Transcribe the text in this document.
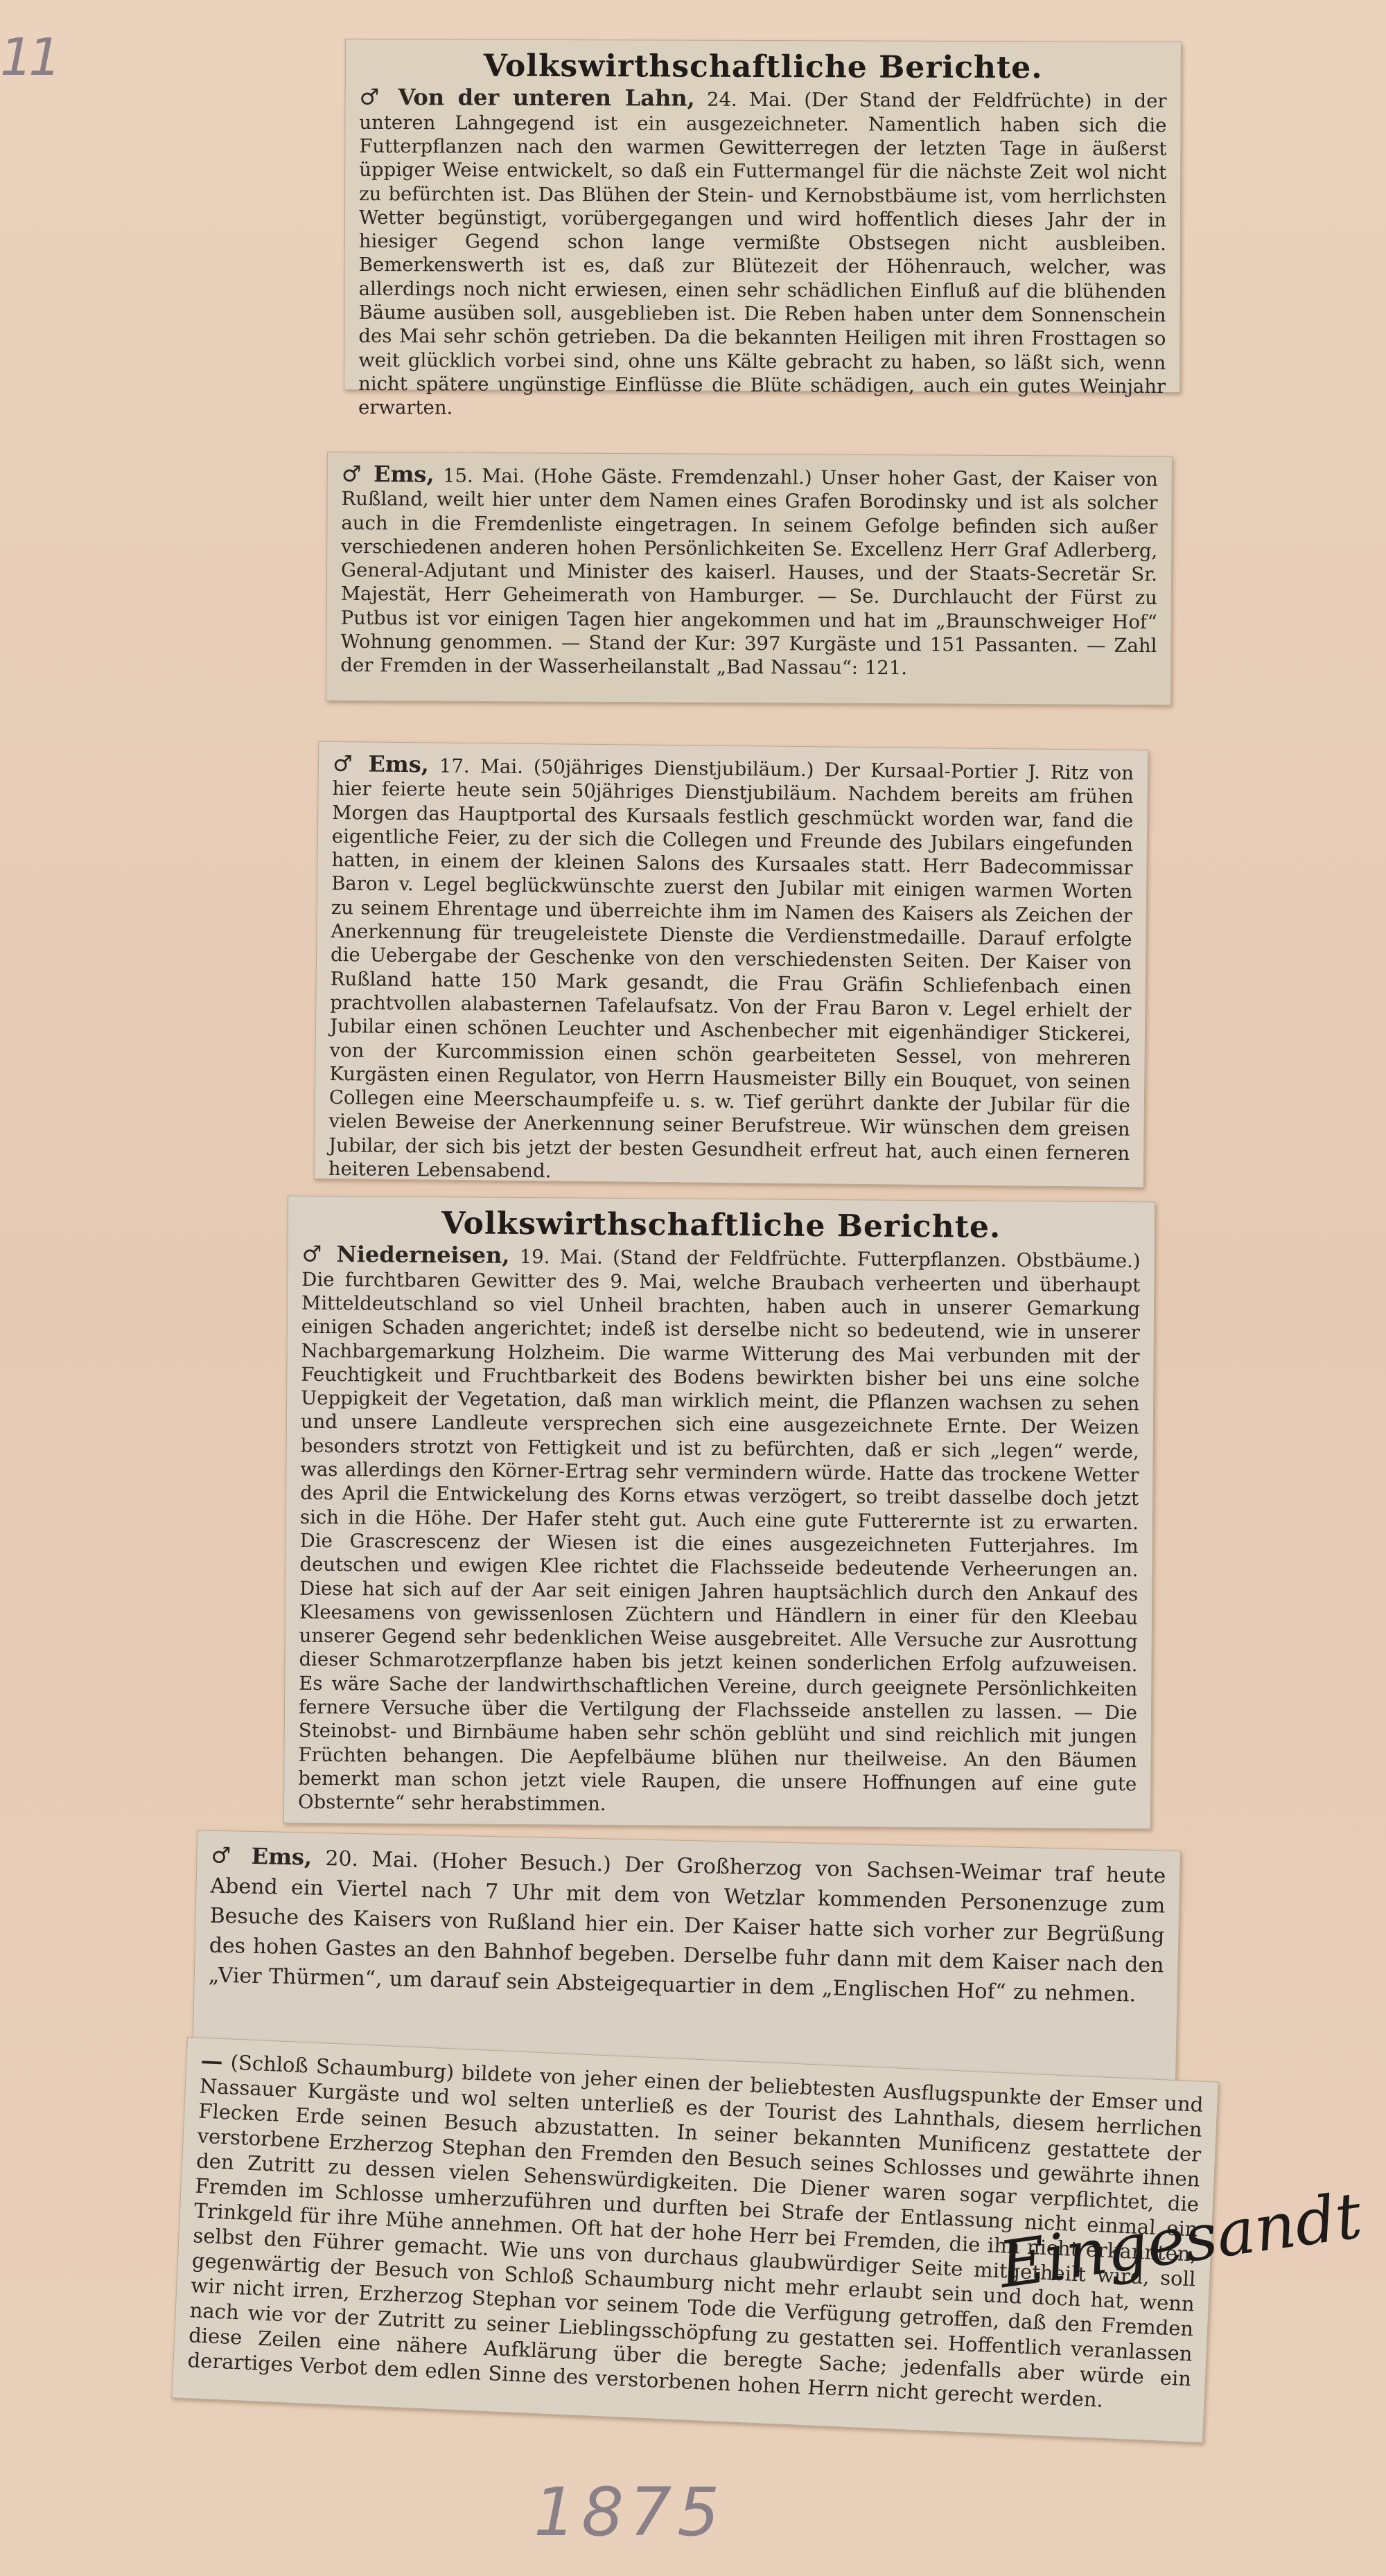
11	Volkswirthschaftliche Berichte.

♂ Von der unteren Lahn, 24. Mai. (Der Stand der Feldfrüchte) in der unteren Lahngegend ist ein ausgezeichneter. Namentlich haben sich die Futterpflanzen nach den warmen Gewitterregen der letzten Tage in äußerst üppiger Weise entwickelt, so daß ein Futtermangel für die nächste Zeit wol nicht zu befürchten ist. Das Blühen der Stein- und Kernobstbäume ist, vom herrlichsten Wetter begünstigt, vorübergegangen und wird hoffentlich dieses Jahr der in hiesiger Gegend schon lange vermißte Obstsegen nicht ausbleiben. Bemerkenswerth ist es, daß zur Blütezeit der Höhenrauch, welcher, was allerdings noch nicht erwiesen, einen sehr schädlichen Einfluß auf die blühenden Bäume ausüben soll, ausgeblieben ist. Die Reben haben unter dem Sonnenschein des Mai sehr schön getrieben. Da die bekannten Heiligen mit ihren Frosttagen so weit glücklich vorbei sind, ohne uns Kälte gebracht zu haben, so läßt sich, wenn nicht spätere ungünstige Einflüsse die Blüte schädigen, auch ein gutes Weinjahr erwarten.

♂ Ems, 15. Mai. (Hohe Gäste. Fremdenzahl.) Unser hoher Gast, der Kaiser von Rußland, weilt hier unter dem Namen eines Grafen Borodinsky und ist als solcher auch in die Fremdenliste eingetragen. In seinem Gefolge befinden sich außer verschiedenen anderen hohen Persönlichkeiten Se. Excellenz Herr Graf Adlerberg, General-Adjutant und Minister des kaiserl. Hauses, und der Staats-Secretär Sr. Majestät, Herr Geheimerath von Hamburger. — Se. Durchlaucht der Fürst zu Putbus ist vor einigen Tagen hier angekommen und hat im „Braunschweiger Hof“ Wohnung genommen. — Stand der Kur: 397 Kurgäste und 151 Passanten. — Zahl der Fremden in der Wasserheilanstalt „Bad Nassau“: 121.

♂ Ems, 17. Mai. (50jähriges Dienstjubiläum.) Der Kursaal-Portier J. Ritz von hier feierte heute sein 50jähriges Dienstjubiläum. Nachdem bereits am frühen Morgen das Hauptportal des Kursaals festlich geschmückt worden war, fand die eigentliche Feier, zu der sich die Collegen und Freunde des Jubilars eingefunden hatten, in einem der kleinen Salons des Kursaales statt. Herr Badecommissar Baron v. Legel beglückwünschte zuerst den Jubilar mit einigen warmen Worten zu seinem Ehrentage und überreichte ihm im Namen des Kaisers als Zeichen der Anerkennung für treugeleistete Dienste die Verdienstmedaille. Darauf erfolgte die Uebergabe der Geschenke von den verschiedensten Seiten. Der Kaiser von Rußland hatte 150 Mark gesandt, die Frau Gräfin Schliefenbach einen prachtvollen alabasternen Tafelaufsatz. Von der Frau Baron v. Legel erhielt der Jubilar einen schönen Leuchter und Aschenbecher mit eigenhändiger Stickerei, von der Kurcommission einen schön gearbeiteten Sessel, von mehreren Kurgästen einen Regulator, von Herrn Hausmeister Billy ein Bouquet, von seinen Collegen eine Meerschaumpfeife u. s. w. Tief gerührt dankte der Jubilar für die vielen Beweise der Anerkennung seiner Berufstreue. Wir wünschen dem greisen Jubilar, der sich bis jetzt der besten Gesundheit erfreut hat, auch einen ferneren heiteren Lebensabend.

Volkswirthschaftliche Berichte.

♂ Niederneisen, 19. Mai. (Stand der Feldfrüchte. Futterpflanzen. Obstbäume.) Die furchtbaren Gewitter des 9. Mai, welche Braubach verheerten und überhaupt Mitteldeutschland so viel Unheil brachten, haben auch in unserer Gemarkung einigen Schaden angerichtet; indeß ist derselbe nicht so bedeutend, wie in unserer Nachbargemarkung Holzheim. Die warme Witterung des Mai verbunden mit der Feuchtigkeit und Fruchtbarkeit des Bodens bewirkten bisher bei uns eine solche Ueppigkeit der Vegetation, daß man wirklich meint, die Pflanzen wachsen zu sehen und unsere Landleute versprechen sich eine ausgezeichnete Ernte. Der Weizen besonders strotzt von Fettigkeit und ist zu befürchten, daß er sich „legen“ werde, was allerdings den Körner-Ertrag sehr vermindern würde. Hatte das trockene Wetter des April die Entwickelung des Korns etwas verzögert, so treibt dasselbe doch jetzt sich in die Höhe. Der Hafer steht gut. Auch eine gute Futterernte ist zu erwarten. Die Grascrescenz der Wiesen ist die eines ausgezeichneten Futterjahres. Im deutschen und ewigen Klee richtet die Flachsseide bedeutende Verheerungen an. Diese hat sich auf der Aar seit einigen Jahren hauptsächlich durch den Ankauf des Kleesamens von gewissenlosen Züchtern und Händlern in einer für den Kleebau unserer Gegend sehr bedenklichen Weise ausgebreitet. Alle Versuche zur Ausrottung dieser Schmarotzerpflanze haben bis jetzt keinen sonderlichen Erfolg aufzuweisen. Es wäre Sache der landwirthschaftlichen Vereine, durch geeignete Persönlichkeiten fernere Versuche über die Vertilgung der Flachsseide anstellen zu lassen. — Die Steinobst- und Birnbäume haben sehr schön geblüht und sind reichlich mit jungen Früchten behangen. Die Aepfelbäume blühen nur theilweise. An den Bäumen bemerkt man schon jetzt viele Raupen, die unsere Hoffnungen auf eine gute Obsternte“ sehr herabstimmen.

♂ Ems, 20. Mai. (Hoher Besuch.) Der Großherzog von Sachsen-Weimar traf heute Abend ein Viertel nach 7 Uhr mit dem von Wetzlar kommenden Personenzuge zum Besuche des Kaisers von Rußland hier ein. Der Kaiser hatte sich vorher zur Begrüßung des hohen Gastes an den Bahnhof begeben. Derselbe fuhr dann mit dem Kaiser nach den „Vier Thürmen“, um darauf sein Absteigequartier in dem „Englischen Hof“ zu nehmen.

— (Schloß Schaumburg) bildete von jeher einen der beliebtesten Ausflugspunkte der Emser und Nassauer Kurgäste und wol selten unterließ es der Tourist des Lahnthals, diesem herrlichen Flecken Erde seinen Besuch abzustatten. In seiner bekannten Munificenz gestattete der verstorbene Erzherzog Stephan den Fremden den Besuch seines Schlosses und gewährte ihnen den Zutritt zu dessen vielen Sehenswürdigkeiten. Die Diener waren sogar verpflichtet, die Fremden im Schlosse umherzuführen und durften bei Strafe der Entlassung nicht einmal ein Trinkgeld für ihre Mühe annehmen. Oft hat der hohe Herr bei Fremden, die ihn nicht erkannten, selbst den Führer gemacht. Wie uns von durchaus glaubwürdiger Seite mitgetheilt wird, soll gegenwärtig der Besuch von Schloß Schaumburg nicht mehr erlaubt sein und doch hat, wenn wir nicht irren, Erzherzog Stephan vor seinem Tode die Verfügung getroffen, daß den Fremden nach wie vor der Zutritt zu seiner Lieblingsschöpfung zu gestatten sei. Hoffentlich veranlassen diese Zeilen eine nähere Aufklärung über die beregte Sache; jedenfalls aber würde ein derartiges Verbot dem edlen Sinne des verstorbenen hohen Herrn nicht gerecht werden.

Eingesandt
1875
